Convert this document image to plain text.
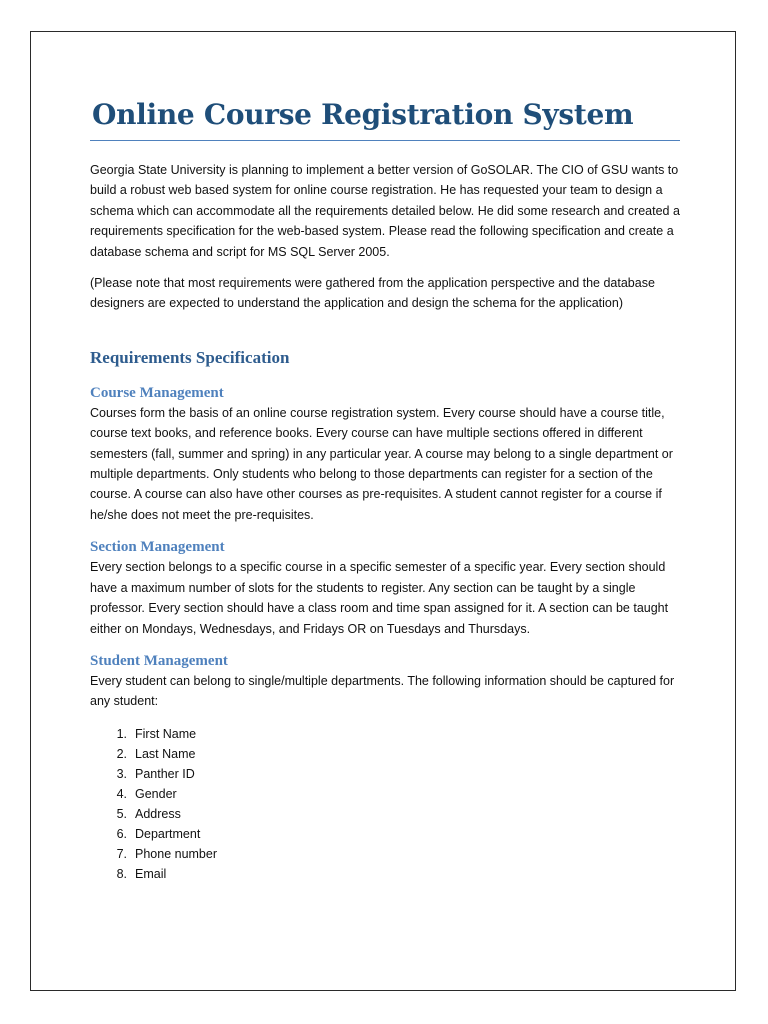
Online Course Registration System

Georgia State University is planning to implement a better version of GoSOLAR. The CIO of GSU wants to build a robust web based system for online course registration. He has requested your team to design a schema which can accommodate all the requirements detailed below. He did some research and created a requirements specification for the web-based system. Please read the following specification and create a database schema and script for MS SQL Server 2005.

(Please note that most requirements were gathered from the application perspective and the database designers are expected to understand the application and design the schema for the application)

Requirements Specification
Course Management

Courses form the basis of an online course registration system. Every course should have a course title, course text books, and reference books. Every course can have multiple sections offered in different semesters (fall, summer and spring) in any particular year. A course may belong to a single department or multiple departments. Only students who belong to those departments can register for a section of the course. A course can also have other courses as pre-requisites. A student cannot register for a course if he/she does not meet the pre-requisites.

Section Management

Every section belongs to a specific course in a specific semester of a specific year. Every section should have a maximum number of slots for the students to register. Any section can be taught by a single professor. Every section should have a class room and time span assigned for it. A section can be taught either on Mondays, Wednesdays, and Fridays OR on Tuesdays and Thursdays.

Student Management

Every student can belong to single/multiple departments. The following information should be captured for any student:

1. First Name
2. Last Name
3. Panther ID
4. Gender
5. Address
6. Department
7. Phone number
8. Email
